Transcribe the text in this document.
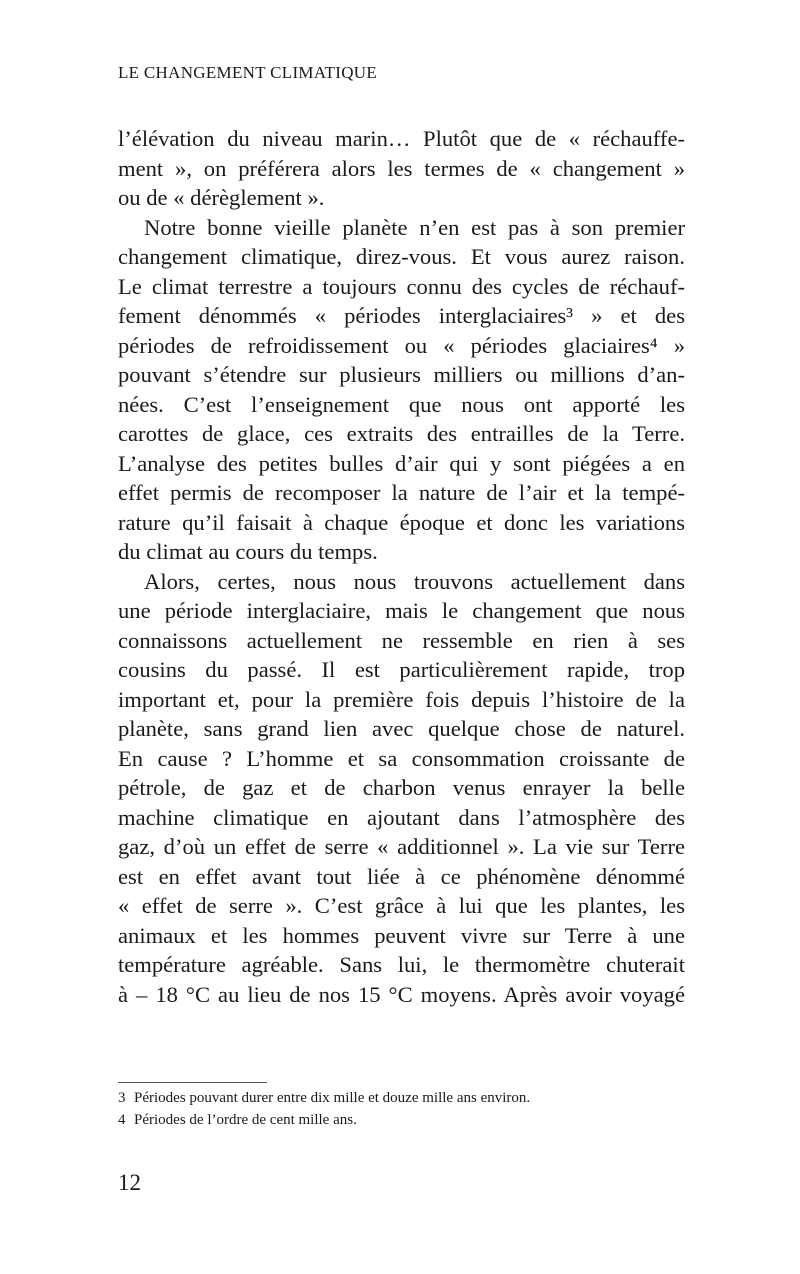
LE CHANGEMENT CLIMATIQUE
l’élévation du niveau marin… Plutôt que de « réchauffe-
ment », on préférera alors les termes de « changement »
ou de « dérèglement ».
Notre bonne vieille planète n’en est pas à son premier
changement climatique, direz-vous. Et vous aurez raison.
Le climat terrestre a toujours connu des cycles de réchauf-
fement dénommés « périodes interglaciaires³ » et des
périodes de refroidissement ou « périodes glaciaires⁴ »
pouvant s’étendre sur plusieurs milliers ou millions d’an-
nées. C’est l’enseignement que nous ont apporté les
carottes de glace, ces extraits des entrailles de la Terre.
L’analyse des petites bulles d’air qui y sont piégées a en
effet permis de recomposer la nature de l’air et la tempé-
rature qu’il faisait à chaque époque et donc les variations
du climat au cours du temps.
Alors, certes, nous nous trouvons actuellement dans
une période interglaciaire, mais le changement que nous
connaissons actuellement ne ressemble en rien à ses
cousins du passé. Il est particulièrement rapide, trop
important et, pour la première fois depuis l’histoire de la
planète, sans grand lien avec quelque chose de naturel.
En cause ? L’homme et sa consommation croissante de
pétrole, de gaz et de charbon venus enrayer la belle
machine climatique en ajoutant dans l’atmosphère des
gaz, d’où un effet de serre « additionnel ». La vie sur Terre
est en effet avant tout liée à ce phénomène dénommé
« effet de serre ». C’est grâce à lui que les plantes, les
animaux et les hommes peuvent vivre sur Terre à une
température agréable. Sans lui, le thermomètre chuterait
à – 18 °C au lieu de nos 15 °C moyens. Après avoir voyagé
3 Périodes pouvant durer entre dix mille et douze mille ans environ.
4 Périodes de l’ordre de cent mille ans.
12
